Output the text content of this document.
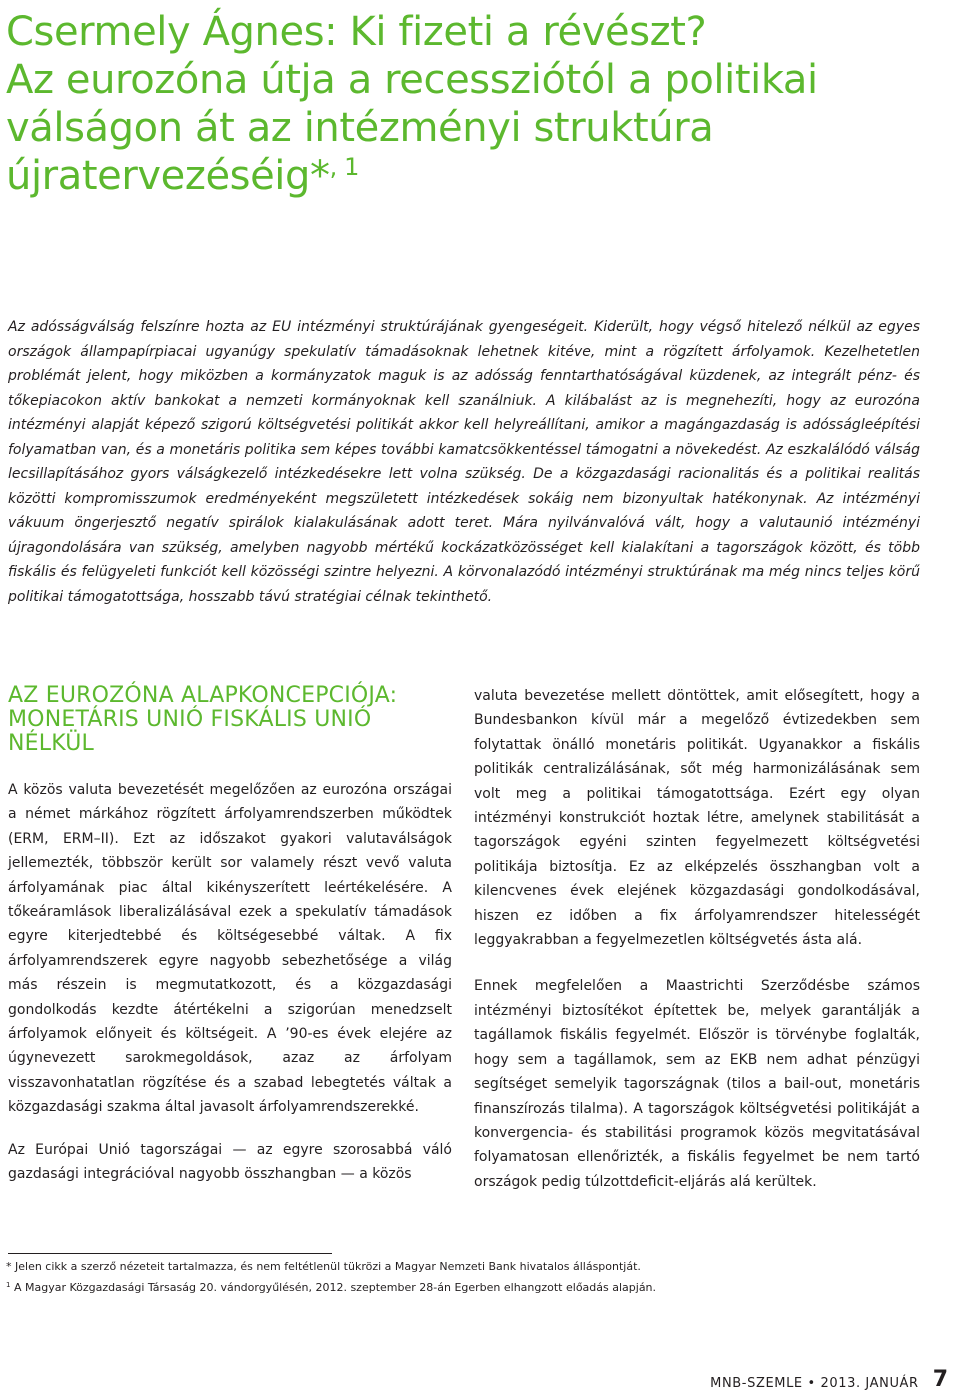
Csermely Ágnes: Ki fizeti a révészt?
Az eurozóna útja a recessziótól a politikai
válságon át az intézményi struktúra
újratervezéséig*$^{, 1}$

Az adósságválság felszínre hozta az EU intézményi struktúrájának gyengeségeit. Kiderült, hogy végső hitelező nélkül az egyes országok állampapírpiacai ugyanúgy spekulatív támadásoknak lehetnek kitéve, mint a rögzített árfolyamok. Kezelhetetlen problémát jelent, hogy miközben a kormányzatok maguk is az adósság fenntarthatóságával küzdenek, az integrált pénz- és tőkepiacokon aktív bankokat a nemzeti kormányoknak kell szanálniuk. A kilábalást az is megnehezíti, hogy az eurozóna intézményi alapját képező szigorú költségvetési politikát akkor kell helyreállítani, amikor a magángazdaság is adósságleépítési folyamatban van, és a monetáris politika sem képes további kamatcsökkentéssel támogatni a növekedést. Az eszkalálódó válság lecsillapításához gyors válságkezelő intézkedésekre lett volna szükség. De a közgazdasági racionalitás és a politikai realitás közötti kompromisszumok eredményeként megszületett intézkedések sokáig nem bizonyultak hatékonynak. Az intézményi vákuum öngerjesztő negatív spirálok kialakulásának adott teret. Mára nyilvánvalóvá vált, hogy a valutaunió intézményi újragondolására van szükség, amelyben nagyobb mértékű kockázatközösséget kell kialakítani a tagországok között, és több fiskális és felügyeleti funkciót kell közösségi szintre helyezni. A körvonalazódó intézményi struktúrának ma még nincs teljes körű politikai támogatottsága, hosszabb távú stratégiai célnak tekinthető.

AZ EUROZÓNA ALAPKONCEPCIÓJA: MONETÁRIS UNIÓ FISKÁLIS UNIÓ NÉLKÜL

A közös valuta bevezetését megelőzően az eurozóna országai a német márkához rögzített árfolyamrendszerben működtek (ERM, ERM–II). Ezt az időszakot gyakori valutaválságok jellemezték, többször került sor valamely részt vevő valuta árfolyamának piac által kikényszerített leértékelésére. A tőkeáramlások liberalizálásával ezek a spekulatív támadások egyre kiterjedtebbé és költségesebbé váltak. A fix árfolyamrendszerek egyre nagyobb sebezhetősége a világ más részein is megmutatkozott, és a közgazdasági gondolkodás kezdte átértékelni a szigorúan menedzselt árfolyamok előnyeit és költségeit. A ’90-es évek elejére az úgynevezett sarokmegoldások, azaz az árfolyam visszavonhatatlan rögzítése és a szabad lebegtetés váltak a közgazdasági szakma által javasolt árfolyamrendszerekké.

Az Európai Unió tagországai — az egyre szorosabbá váló gazdasági integrációval nagyobb összhangban — a közös

valuta bevezetése mellett döntöttek, amit elősegített, hogy a Bundesbankon kívül már a megelőző évtizedekben sem folytattak önálló monetáris politikát. Ugyanakkor a fiskális politikák centralizálásának, sőt még harmonizálásának sem volt meg a politikai támogatottsága. Ezért egy olyan intézményi konstrukciót hoztak létre, amelynek stabilitását a tagországok egyéni szinten fegyelmezett költségvetési politikája biztosítja. Ez az elképzelés összhangban volt a kilencvenes évek elejének közgazdasági gondolkodásával, hiszen ez időben a fix árfolyamrendszer hitelességét leggyakrabban a fegyelmezetlen költségvetés ásta alá.

Ennek megfelelően a Maastrichti Szerződésbe számos intézményi biztosítékot építettek be, melyek garantálják a tagállamok fiskális fegyelmét. Először is törvénybe foglalták, hogy sem a tagállamok, sem az EKB nem adhat pénzügyi segítséget semelyik tagországnak (tilos a bail-out, monetáris finanszírozás tilalma). A tagországok költségvetési politikáját a konvergencia- és stabilitási programok közös megvitatásával folyamatosan ellenőrizték, a fiskális fegyelmet be nem tartó országok pedig túlzottdeficit-eljárás alá kerültek.

* Jelen cikk a szerző nézeteit tartalmazza, és nem feltétlenül tükrözi a Magyar Nemzeti Bank hivatalos álláspontját.

$^1$ A Magyar Közgazdasági Társaság 20. vándorgyűlésén, 2012. szeptember 28-án Egerben elhangzott előadás alapján.

MNB-SZEMLE • 2013. JANUÁR 7
